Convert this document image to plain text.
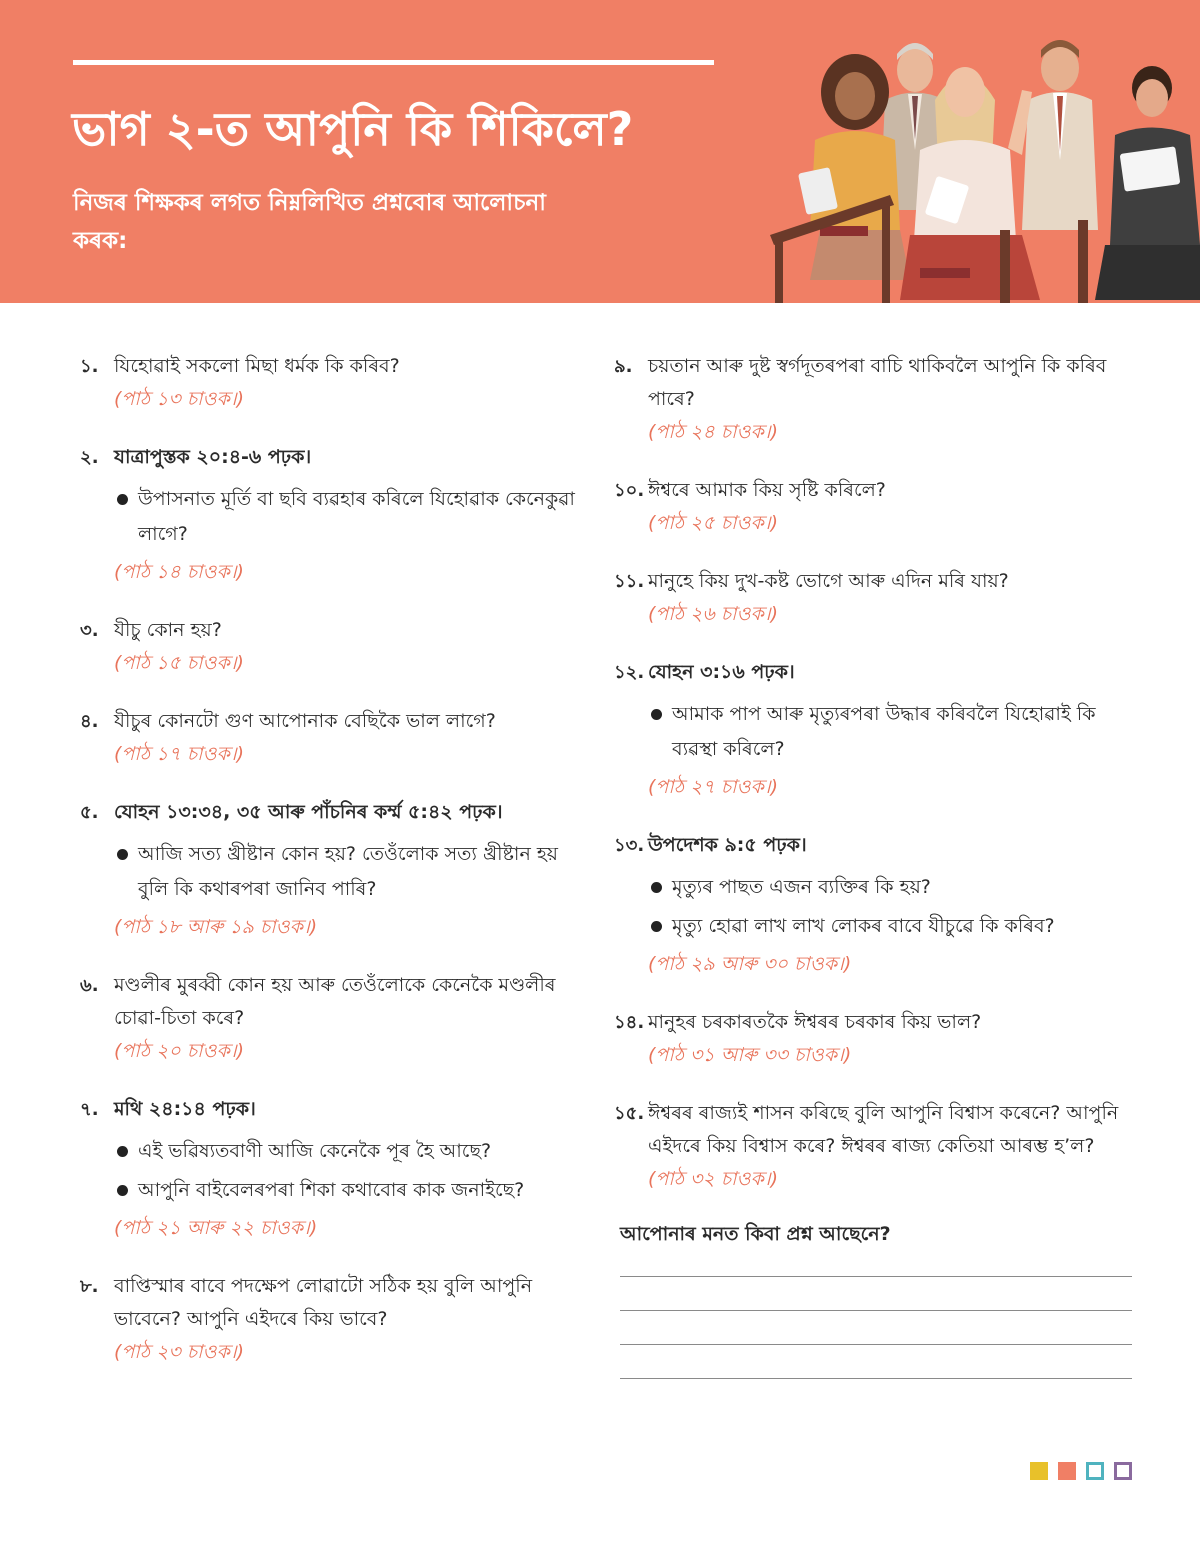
ভাগ ২-ত আপুনি কি শিকিলে?

নিজৰ শিক্ষকৰ লগত নিম্নলিখিত প্ৰশ্নবোৰ আলোচনা কৰক:

১. যিহোৱাই সকলো মিছা ধৰ্মক কি কৰিব?
(পাঠ ১৩ চাওক।)
২. যাত্ৰাপুস্তক ২০:৪-৬ পঢ়ক।
উপাসনাত মূৰ্তি বা ছবি ব্যৱহাৰ কৰিলে যিহোৱাক কেনেকুৱা লাগে?
(পাঠ ১৪ চাওক।)
৩. যীচু কোন হয়?
(পাঠ ১৫ চাওক।)
৪. যীচুৰ কোনটো গুণ আপোনাক বেছিকৈ ভাল লাগে?
(পাঠ ১৭ চাওক।)
৫. যোহন ১৩:৩৪, ৩৫ আৰু পাঁচনিৰ কৰ্ম্ম ৫:৪২ পঢ়ক।
আজি সত্য খ্ৰীষ্টান কোন হয়? তেওঁলোক সত্য খ্ৰীষ্টান হয় বুলি কি কথাৰপৰা জানিব পাৰি?
(পাঠ ১৮ আৰু ১৯ চাওক।)
৬. মণ্ডলীৰ মুৰব্বী কোন হয় আৰু তেওঁলোকে কেনেকৈ মণ্ডলীৰ চোৱা-চিতা কৰে?
(পাঠ ২০ চাওক।)
৭. মথি ২৪:১৪ পঢ়ক।
এই ভৱিষ্যতবাণী আজি কেনেকৈ পূৰ হৈ আছে?
আপুনি বাইবেলৰপৰা শিকা কথাবোৰ কাক জনাইছে?
(পাঠ ২১ আৰু ২২ চাওক।)
৮. বাপ্তিস্মাৰ বাবে পদক্ষেপ লোৱাটো সঠিক হয় বুলি আপুনি ভাবেনে? আপুনি এইদৰে কিয় ভাবে?
(পাঠ ২৩ চাওক।)
৯. চয়তান আৰু দুষ্ট স্বৰ্গদূতৰপৰা বাচি থাকিবলৈ আপুনি কি কৰিব পাৰে?
(পাঠ ২৪ চাওক।)
১০. ঈশ্বৰে আমাক কিয় সৃষ্টি কৰিলে?
(পাঠ ২৫ চাওক।)
১১. মানুহে কিয় দুখ-কষ্ট ভোগে আৰু এদিন মৰি যায়?
(পাঠ ২৬ চাওক।)
১২. যোহন ৩:১৬ পঢ়ক।
আমাক পাপ আৰু মৃত্যুৰপৰা উদ্ধাৰ কৰিবলৈ যিহোৱাই কি ব্যৱস্থা কৰিলে?
(পাঠ ২৭ চাওক।)
১৩. উপদেশক ৯:৫ পঢ়ক।
মৃত্যুৰ পাছত এজন ব্যক্তিৰ কি হয়?
মৃত্যু হোৱা লাখ লাখ লোকৰ বাবে যীচুৱে কি কৰিব?
(পাঠ ২৯ আৰু ৩০ চাওক।)
১৪. মানুহৰ চৰকাৰতকৈ ঈশ্বৰৰ চৰকাৰ কিয় ভাল?
(পাঠ ৩১ আৰু ৩৩ চাওক।)
১৫. ঈশ্বৰৰ ৰাজ্যই শাসন কৰিছে বুলি আপুনি বিশ্বাস কৰেনে? আপুনি এইদৰে কিয় বিশ্বাস কৰে? ঈশ্বৰৰ ৰাজ্য কেতিয়া আৰম্ভ হ’ল?
(পাঠ ৩২ চাওক।)
আপোনাৰ মনত কিবা প্ৰশ্ন আছেনে?
